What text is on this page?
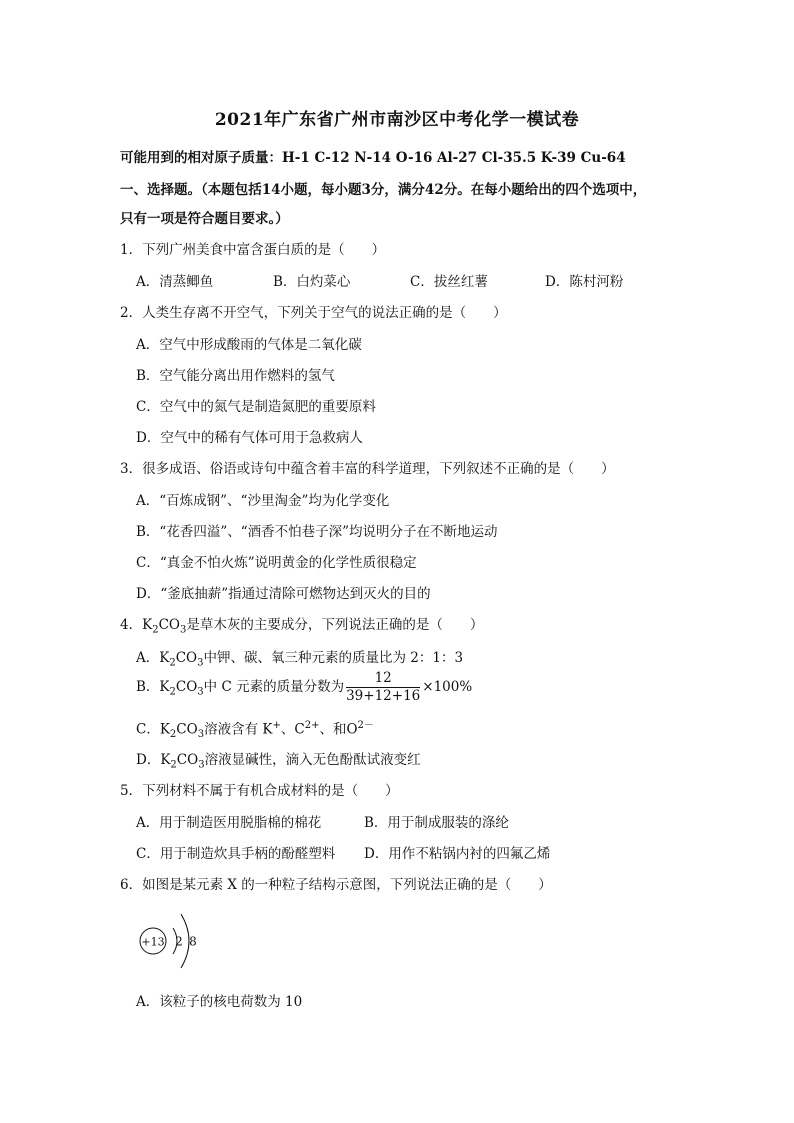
2021年广东省广州市南沙区中考化学一模试卷
可能用到的相对原子质量：H-1 C-12 N-14 O-16 Al-27 Cl-35.5 K-39 Cu-64
一、选择题。（本题包括14小题，每小题3分，满分42分。在每小题给出的四个选项中，
只有一项是符合题目要求。）
1．下列广州美食中富含蛋白质的是（　　）
A．清蒸鲫鱼	B．白灼菜心	C．拔丝红薯	D．陈村河粉
2．人类生存离不开空气，下列关于空气的说法正确的是（　　）
A．空气中形成酸雨的气体是二氧化碳
B．空气能分离出用作燃料的氢气
C．空气中的氮气是制造氮肥的重要原料
D．空气中的稀有气体可用于急救病人
3．很多成语、俗语或诗句中蕴含着丰富的科学道理，下列叙述不正确的是（　　）
A．“百炼成钢”、“沙里淘金”均为化学变化
B．“花香四溢”、“酒香不怕巷子深”均说明分子在不断地运动
C．“真金不怕火炼”说明黄金的化学性质很稳定
D．“釜底抽薪”指通过清除可燃物达到灭火的目的
4．$K_2CO_3$是草木灰的主要成分，下列说法正确的是（　　）
A．$K_2CO_3$中钾、碳、氧三种元素的质量比为 2：1：3
B．$K_2CO_3$中 C 元素的质量分数为 $\frac{12}{39+12+16} \times 100\%$
C．$K_2CO_3$溶液含有 K+、$C^{2+}$、和$O^{2-}$
D．$K_2CO_3$溶液显碱性，滴入无色酚酞试液变红
5．下列材料不属于有机合成材料的是（　　）
A．用于制造医用脱脂棉的棉花	B．用于制成服装的涤纶
C．用于制造炊具手柄的酚醛塑料 D．用作不粘锅内衬的四氟乙烯
6．如图是某元素 X 的一种粒子结构示意图，下列说法正确的是（　　）
+13 2 8
A．该粒子的核电荷数为 10
